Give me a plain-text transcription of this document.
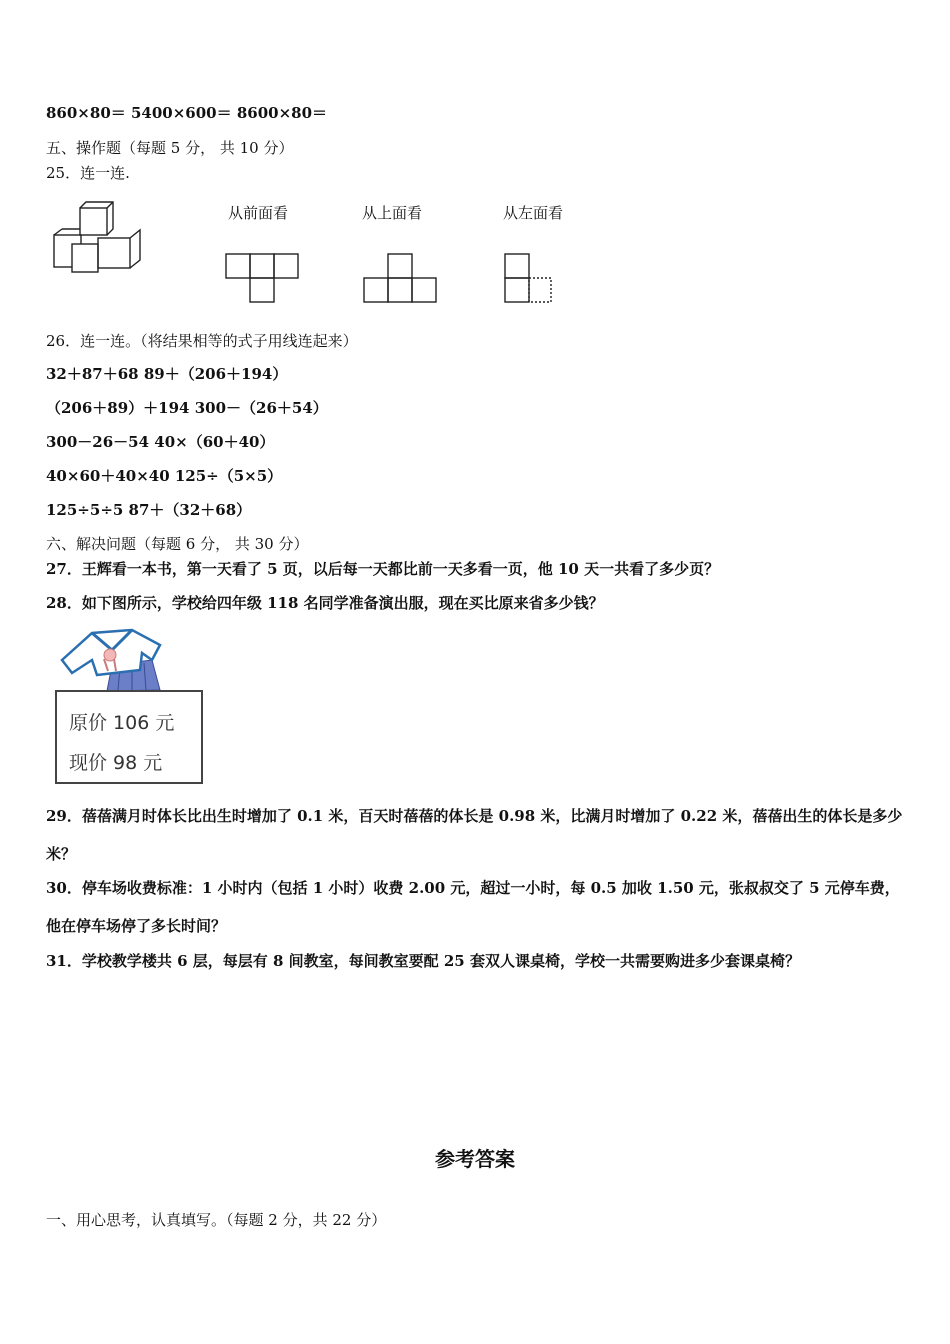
860×80＝ 5400×600＝ 8600×80＝
五、操作题（每题 5 分， 共 10 分）
25．连一连.
从前面看	从上面看	从左面看
26．连一连。（将结果相等的式子用线连起来）
32＋87＋68 89＋（206＋194）
（206＋89）＋194 300－（26＋54）
300－26－54 40×（60＋40）
40×60＋40×40 125÷（5×5）
125÷5÷5 87＋（32＋68）
六、解决问题（每题 6 分， 共 30 分）
27．王辉看一本书，第一天看了 5 页，以后每一天都比前一天多看一页，他 10 天一共看了多少页？
28．如下图所示，学校给四年级 118 名同学准备演出服，现在买比原来省多少钱？
原价 106 元
现价 98 元
29．蓓蓓满月时体长比出生时增加了 0.1 米，百天时蓓蓓的体长是 0.98 米，比满月时增加了 0.22 米，蓓蓓出生的体长是多少米？
30．停车场收费标准：1 小时内（包括 1 小时）收费 2.00 元，超过一小时，每 0.5 加收 1.50 元，张叔叔交了 5 元停车费，他在停车场停了多长时间？
31．学校教学楼共 6 层，每层有 8 间教室，每间教室要配 25 套双人课桌椅，学校一共需要购进多少套课桌椅？
参考答案
一、用心思考，认真填写。（每题 2 分，共 22 分）
